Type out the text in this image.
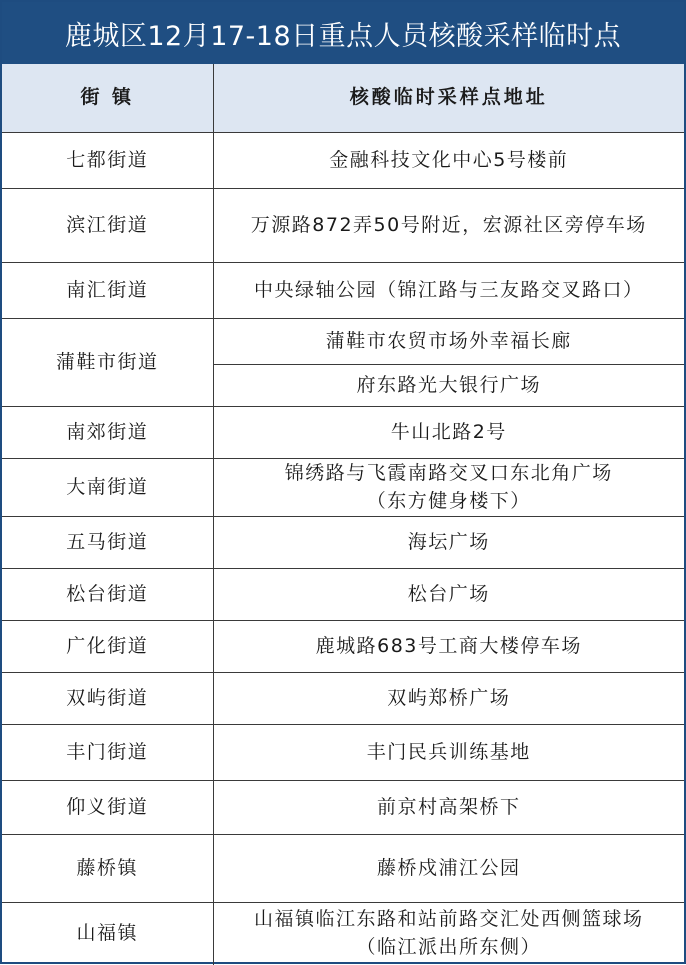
鹿城区12月17-18日重点人员核酸采样临时点
街 镇	核酸临时采样点地址
七都街道	金融科技文化中心5号楼前
滨江街道	万源路872弄50号附近，宏源社区旁停车场
南汇街道	中央绿轴公园（锦江路与三友路交叉路口）
蒲鞋市街道	蒲鞋市农贸市场外幸福长廊
	府东路光大银行广场
南郊街道	牛山北路2号
大南街道	锦绣路与飞霞南路交叉口东北角广场
（东方健身楼下）

五马街道	海坛广场
松台街道	松台广场
广化街道	鹿城路683号工商大楼停车场
双屿街道	双屿郑桥广场
丰门街道	丰门民兵训练基地
仰义街道	前京村高架桥下
藤桥镇	藤桥戍浦江公园
山福镇	山福镇临江东路和站前路交汇处西侧篮球场
（临江派出所东侧）
